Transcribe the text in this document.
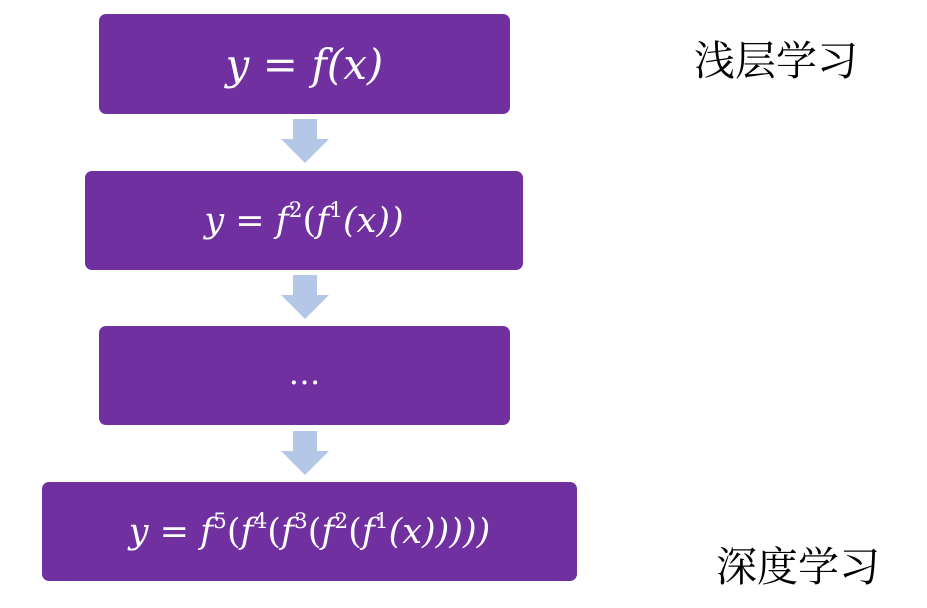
y = f(x)
$y = f^2(f^1(x))$
…
$y = f^5(f^4(f^3(f^2(f^1(x)))))$
浅层学习
深度学习
